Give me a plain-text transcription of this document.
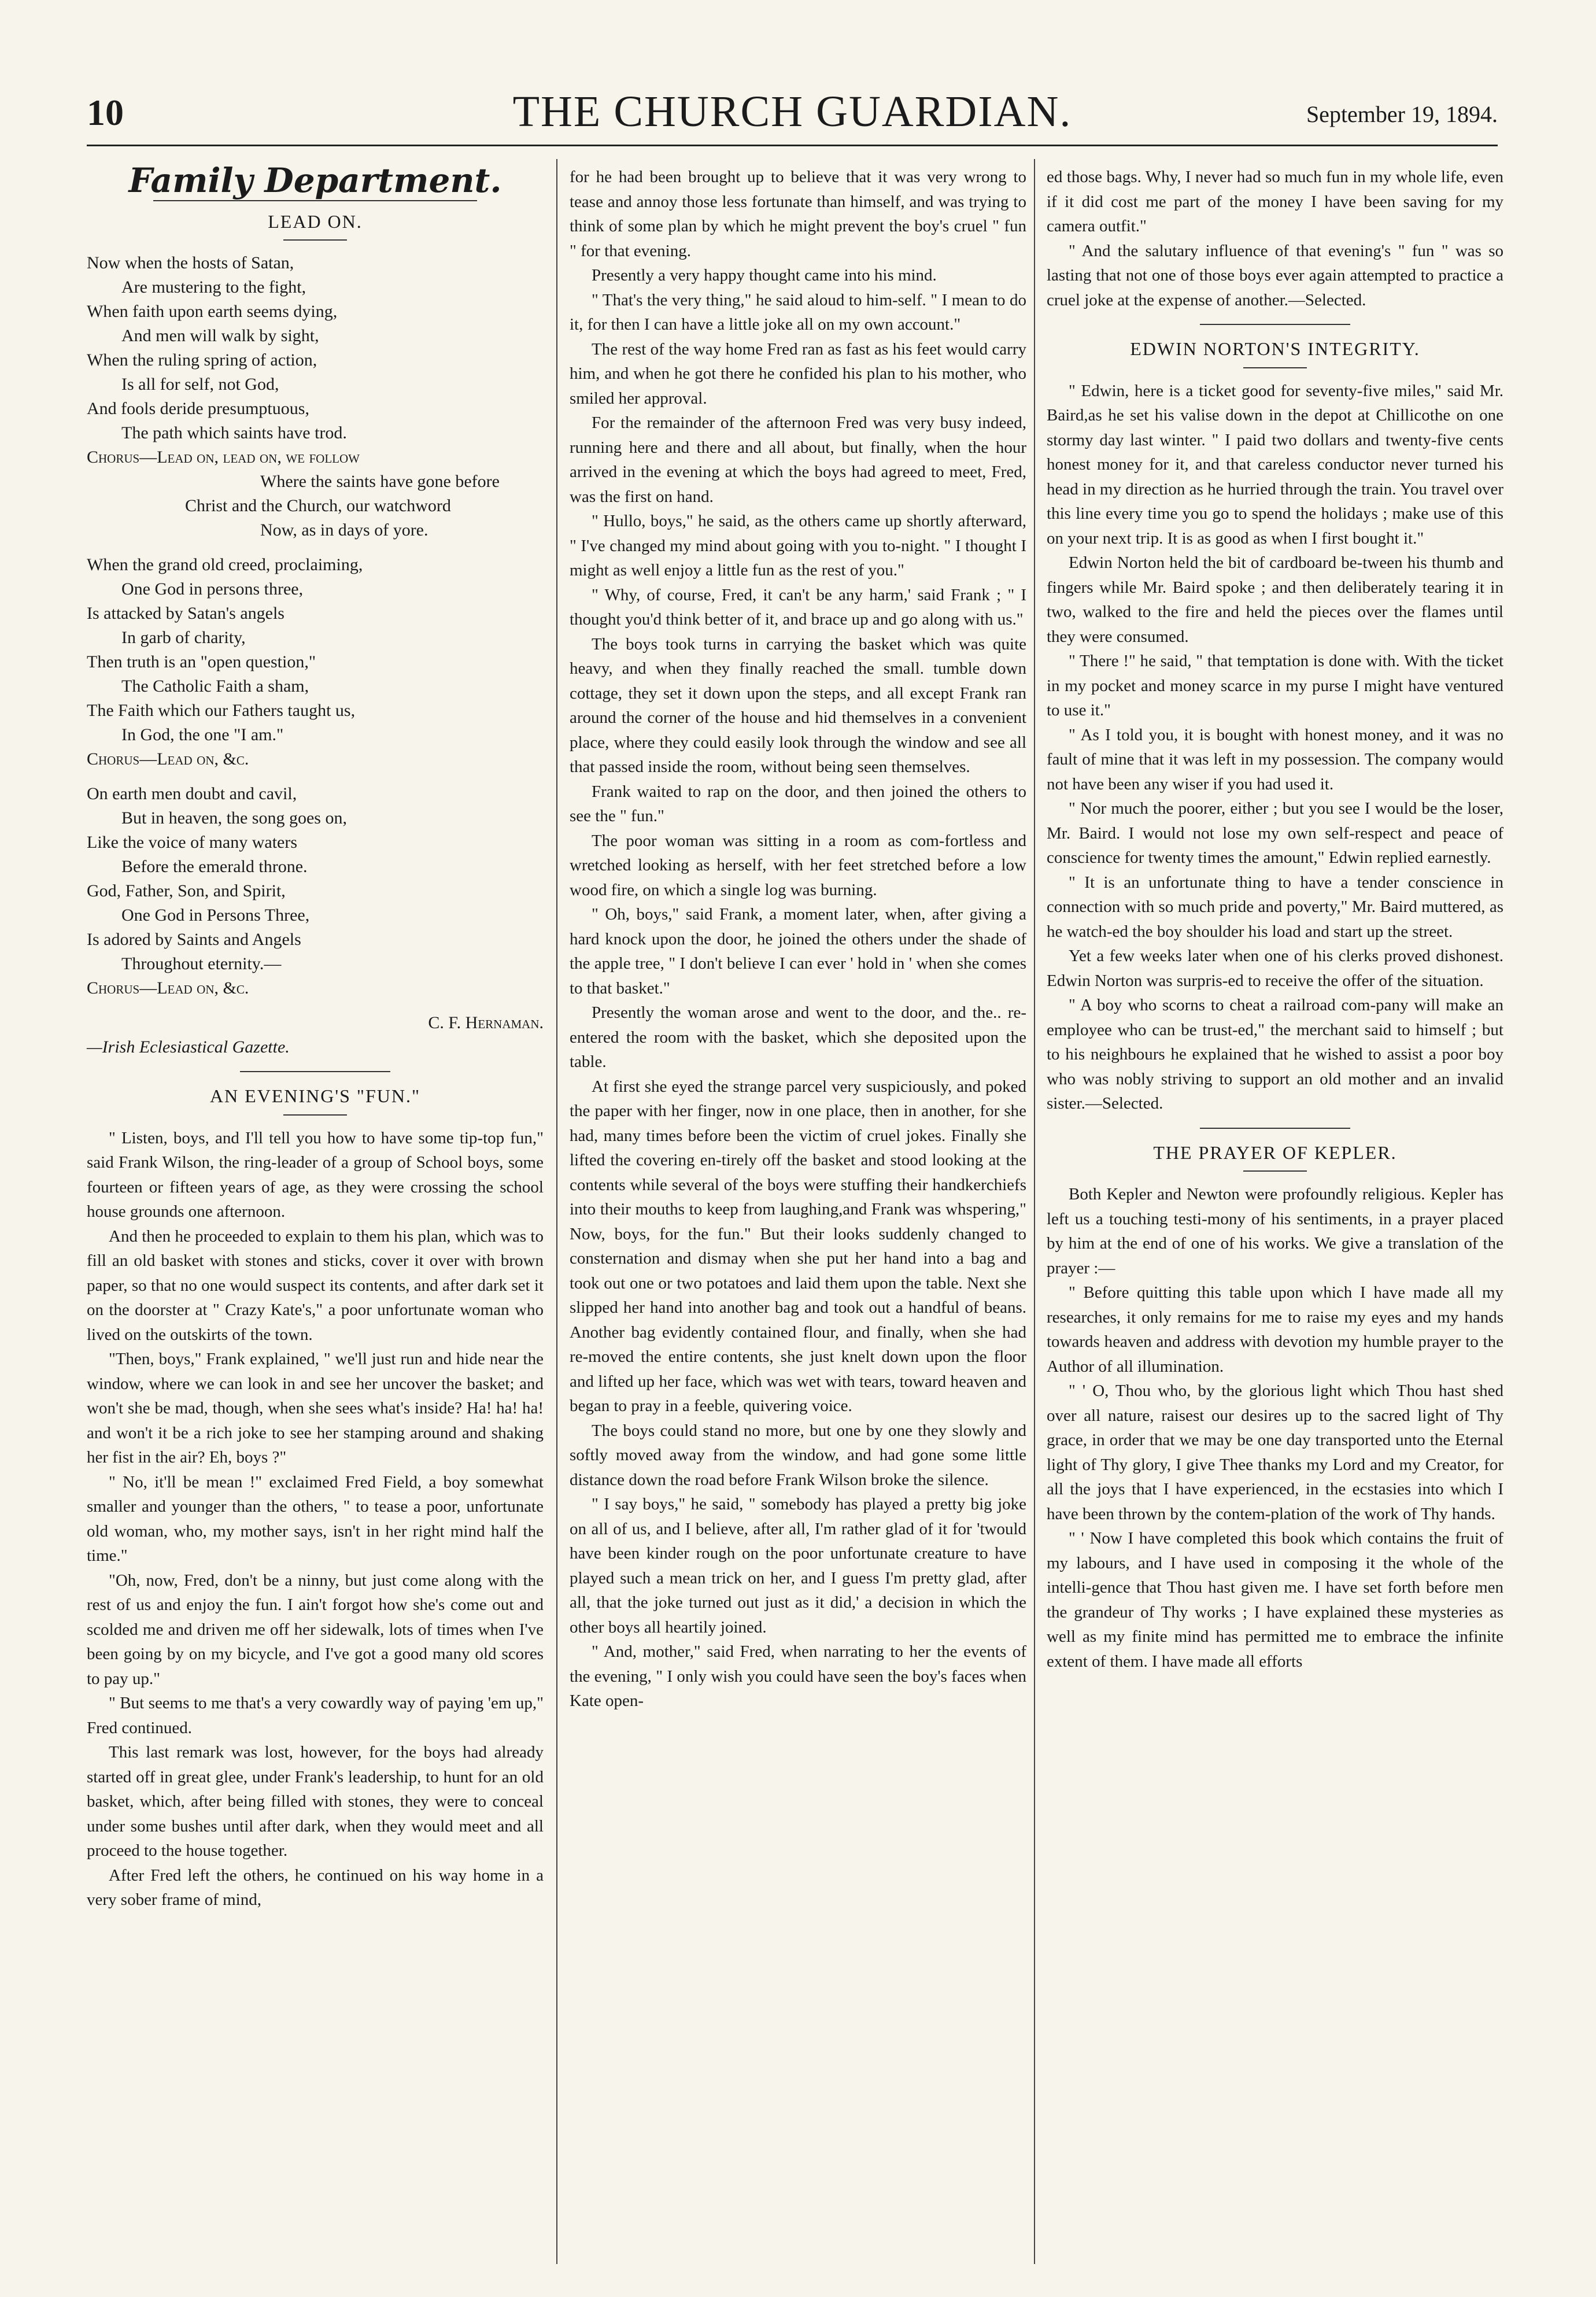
10	THE CHURCH GUARDIAN.	September 19, 1894.
Family Department.
LEAD ON.
Now when the hosts of Satan,
Are mustering to the fight,
When faith upon earth seems dying,
And men will walk by sight,
When the ruling spring of action,
Is all for self, not God,
And fools deride presumptuous,
The path which saints have trod.
Chorus—Lead on, lead on, we follow
Where the saints have gone before
Christ and the Church, our watchword
Now, as in days of yore.
When the grand old creed, proclaiming,
One God in persons three,
Is attacked by Satan's angels
In garb of charity,
Then truth is an "open question,"
The Catholic Faith a sham,
The Faith which our Fathers taught us,
In God, the one "I am."
Chorus—Lead on, &c.
On earth men doubt and cavil,
But in heaven, the song goes on,
Like the voice of many waters
Before the emerald throne.
God, Father, Son, and Spirit,
One God in Persons Three,
Is adored by Saints and Angels
Throughout eternity.—
Chorus—Lead on, &c.
C. F. Hernaman.
—Irish Eclesiastical Gazette.
AN EVENING'S "FUN."

" Listen, boys, and I'll tell you how to have some tip-top fun," said Frank Wilson, the ring-leader of a group of School boys, some fourteen or fifteen years of age, as they were crossing the school house grounds one afternoon.

And then he proceeded to explain to them his plan, which was to fill an old basket with stones and sticks, cover it over with brown paper, so that no one would suspect its contents, and after dark set it on the doorster at " Crazy Kate's," a poor unfortunate woman who lived on the outskirts of the town.

"Then, boys," Frank explained, " we'll just run and hide near the window, where we can look in and see her uncover the basket; and won't she be mad, though, when she sees what's inside? Ha! ha! ha! and won't it be a rich joke to see her stamping around and shaking her fist in the air? Eh, boys ?"

" No, it'll be mean !" exclaimed Fred Field, a boy somewhat smaller and younger than the others, " to tease a poor, unfortunate old woman, who, my mother says, isn't in her right mind half the time."

"Oh, now, Fred, don't be a ninny, but just come along with the rest of us and enjoy the fun. I ain't forgot how she's come out and scolded me and driven me off her sidewalk, lots of times when I've been going by on my bicycle, and I've got a good many old scores to pay up."

" But seems to me that's a very cowardly way of paying 'em up," Fred continued.

This last remark was lost, however, for the boys had already started off in great glee, under Frank's leadership, to hunt for an old basket, which, after being filled with stones, they were to conceal under some bushes until after dark, when they would meet and all proceed to the house together.

After Fred left the others, he continued on his way home in a very sober frame of mind,

for he had been brought up to believe that it was very wrong to tease and annoy those less fortunate than himself, and was trying to think of some plan by which he might prevent the boy's cruel " fun " for that evening.

Presently a very happy thought came into his mind.

" That's the very thing," he said aloud to him-self. " I mean to do it, for then I can have a little joke all on my own account."

The rest of the way home Fred ran as fast as his feet would carry him, and when he got there he confided his plan to his mother, who smiled her approval.

For the remainder of the afternoon Fred was very busy indeed, running here and there and all about, but finally, when the hour arrived in the evening at which the boys had agreed to meet, Fred, was the first on hand.

" Hullo, boys," he said, as the others came up shortly afterward, " I've changed my mind about going with you to-night. " I thought I might as well enjoy a little fun as the rest of you."

" Why, of course, Fred, it can't be any harm,' said Frank ; " I thought you'd think better of it, and brace up and go along with us."

The boys took turns in carrying the basket which was quite heavy, and when they finally reached the small. tumble down cottage, they set it down upon the steps, and all except Frank ran around the corner of the house and hid themselves in a convenient place, where they could easily look through the window and see all that passed inside the room, without being seen themselves.

Frank waited to rap on the door, and then joined the others to see the " fun."

The poor woman was sitting in a room as com-fortless and wretched looking as herself, with her feet stretched before a low wood fire, on which a single log was burning.

" Oh, boys," said Frank, a moment later, when, after giving a hard knock upon the door, he joined the others under the shade of the apple tree, " I don't believe I can ever ' hold in ' when she comes to that basket."

Presently the woman arose and went to the door, and the.. re-entered the room with the basket, which she deposited upon the table.

At first she eyed the strange parcel very suspiciously, and poked the paper with her finger, now in one place, then in another, for she had, many times before been the victim of cruel jokes. Finally she lifted the covering en-tirely off the basket and stood looking at the contents while several of the boys were stuffing their handkerchiefs into their mouths to keep from laughing,and Frank was whspering," Now, boys, for the fun." But their looks suddenly changed to consternation and dismay when she put her hand into a bag and took out one or two potatoes and laid them upon the table. Next she slipped her hand into another bag and took out a handful of beans. Another bag evidently contained flour, and finally, when she had re-moved the entire contents, she just knelt down upon the floor and lifted up her face, which was wet with tears, toward heaven and began to pray in a feeble, quivering voice.

The boys could stand no more, but one by one they slowly and softly moved away from the window, and had gone some little distance down the road before Frank Wilson broke the silence.

" I say boys," he said, " somebody has played a pretty big joke on all of us, and I believe, after all, I'm rather glad of it for 'twould have been kinder rough on the poor unfortunate creature to have played such a mean trick on her, and I guess I'm pretty glad, after all, that the joke turned out just as it did,' a decision in which the other boys all heartily joined.

" And, mother," said Fred, when narrating to her the events of the evening, " I only wish you could have seen the boy's faces when Kate open-

ed those bags. Why, I never had so much fun in my whole life, even if it did cost me part of the money I have been saving for my camera outfit."

" And the salutary influence of that evening's " fun " was so lasting that not one of those boys ever again attempted to practice a cruel joke at the expense of another.—Selected.

EDWIN NORTON'S INTEGRITY.

" Edwin, here is a ticket good for seventy-five miles," said Mr. Baird,as he set his valise down in the depot at Chillicothe on one stormy day last winter. " I paid two dollars and twenty-five cents honest money for it, and that careless conductor never turned his head in my direction as he hurried through the train. You travel over this line every time you go to spend the holidays ; make use of this on your next trip. It is as good as when I first bought it."

Edwin Norton held the bit of cardboard be-tween his thumb and fingers while Mr. Baird spoke ; and then deliberately tearing it in two, walked to the fire and held the pieces over the flames until they were consumed.

" There !" he said, " that temptation is done with. With the ticket in my pocket and money scarce in my purse I might have ventured to use it."

" As I told you, it is bought with honest money, and it was no fault of mine that it was left in my possession. The company would not have been any wiser if you had used it.

" Nor much the poorer, either ; but you see I would be the loser, Mr. Baird. I would not lose my own self-respect and peace of conscience for twenty times the amount," Edwin replied earnestly.

" It is an unfortunate thing to have a tender conscience in connection with so much pride and poverty," Mr. Baird muttered, as he watch-ed the boy shoulder his load and start up the street.

Yet a few weeks later when one of his clerks proved dishonest. Edwin Norton was surpris-ed to receive the offer of the situation.

" A boy who scorns to cheat a railroad com-pany will make an employee who can be trust-ed," the merchant said to himself ; but to his neighbours he explained that he wished to assist a poor boy who was nobly striving to support an old mother and an invalid sister.—Selected.

THE PRAYER OF KEPLER.

Both Kepler and Newton were profoundly religious. Kepler has left us a touching testi-mony of his sentiments, in a prayer placed by him at the end of one of his works. We give a translation of the prayer :—

" Before quitting this table upon which I have made all my researches, it only remains for me to raise my eyes and my hands towards heaven and address with devotion my humble prayer to the Author of all illumination.

" ' O, Thou who, by the glorious light which Thou hast shed over all nature, raisest our desires up to the sacred light of Thy grace, in order that we may be one day transported unto the Eternal light of Thy glory, I give Thee thanks my Lord and my Creator, for all the joys that I have experienced, in the ecstasies into which I have been thrown by the contem-plation of the work of Thy hands.

" ' Now I have completed this book which contains the fruit of my labours, and I have used in composing it the whole of the intelli-gence that Thou hast given me. I have set forth before men the grandeur of Thy works ; I have explained these mysteries as well as my finite mind has permitted me to embrace the infinite extent of them. I have made all efforts
